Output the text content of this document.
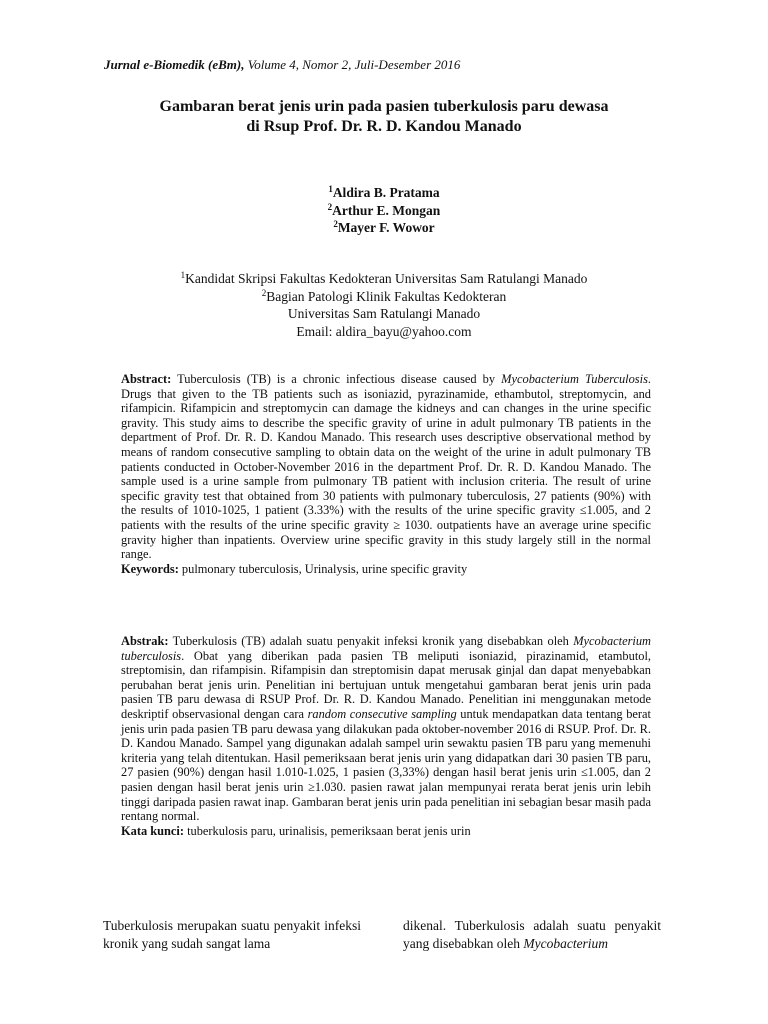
Jurnal e-Biomedik (eBm), Volume 4, Nomor 2, Juli-Desember 2016
Gambaran berat jenis urin pada pasien tuberkulosis paru dewasa
di Rsup Prof. Dr. R. D. Kandou Manado
$^1$Aldira B. Pratama
$^2$Arthur E. Mongan
$^2$Mayer F. Wowor
$^1$Kandidat Skripsi Fakultas Kedokteran Universitas Sam Ratulangi Manado
$^2$Bagian Patologi Klinik Fakultas Kedokteran
Universitas Sam Ratulangi Manado
Email: aldira_bayu@yahoo.com

Abstract: Tuberculosis (TB) is a chronic infectious disease caused by Mycobacterium Tuberculosis. Drugs that given to the TB patients such as isoniazid, pyrazinamide, ethambutol, streptomycin, and rifampicin. Rifampicin and streptomycin can damage the kidneys and can changes in the urine specific gravity. This study aims to describe the specific gravity of urine in adult pulmonary TB patients in the department of Prof. Dr. R. D. Kandou Manado. This research uses descriptive observational method by means of random consecutive sampling to obtain data on the weight of the urine in adult pulmonary TB patients conducted in October-November 2016 in the department Prof. Dr. R. D. Kandou Manado. The sample used is a urine sample from pulmonary TB patient with inclusion criteria. The result of urine specific gravity test that obtained from 30 patients with pulmonary tuberculosis, 27 patients (90%) with the results of 1010-1025, 1 patient (3.33%) with the results of the urine specific gravity ≤1.005, and 2 patients with the results of the urine specific gravity ≥ 1030. outpatients have an average urine specific gravity higher than inpatients. Overview urine specific gravity in this study largely still in the normal range.

Keywords: pulmonary tuberculosis, Urinalysis, urine specific gravity

Abstrak: Tuberkulosis (TB) adalah suatu penyakit infeksi kronik yang disebabkan oleh Mycobacterium tuberculosis. Obat yang diberikan pada pasien TB meliputi isoniazid, pirazinamid, etambutol, streptomisin, dan rifampisin. Rifampisin dan streptomisin dapat merusak ginjal dan dapat menyebabkan perubahan berat jenis urin. Penelitian ini bertujuan untuk mengetahui gambaran berat jenis urin pada pasien TB paru dewasa di RSUP Prof. Dr. R. D. Kandou Manado. Penelitian ini menggunakan metode deskriptif observasional dengan cara random consecutive sampling untuk mendapatkan data tentang berat jenis urin pada pasien TB paru dewasa yang dilakukan pada oktober-november 2016 di RSUP. Prof. Dr. R. D. Kandou Manado. Sampel yang digunakan adalah sampel urin sewaktu pasien TB paru yang memenuhi kriteria yang telah ditentukan. Hasil pemeriksaan berat jenis urin yang didapatkan dari 30 pasien TB paru, 27 pasien (90%) dengan hasil 1.010-1.025, 1 pasien (3,33%) dengan hasil berat jenis urin ≤1.005, dan 2 pasien dengan hasil berat jenis urin ≥1.030. pasien rawat jalan mempunyai rerata berat jenis urin lebih tinggi daripada pasien rawat inap. Gambaran berat jenis urin pada penelitian ini sebagian besar masih pada rentang normal.

Kata kunci: tuberkulosis paru, urinalisis, pemeriksaan berat jenis urin

Tuberkulosis merupakan suatu penyakit infeksi kronik yang sudah sangat lama

dikenal. Tuberkulosis adalah suatu penyakit yang disebabkan oleh Mycobacterium
